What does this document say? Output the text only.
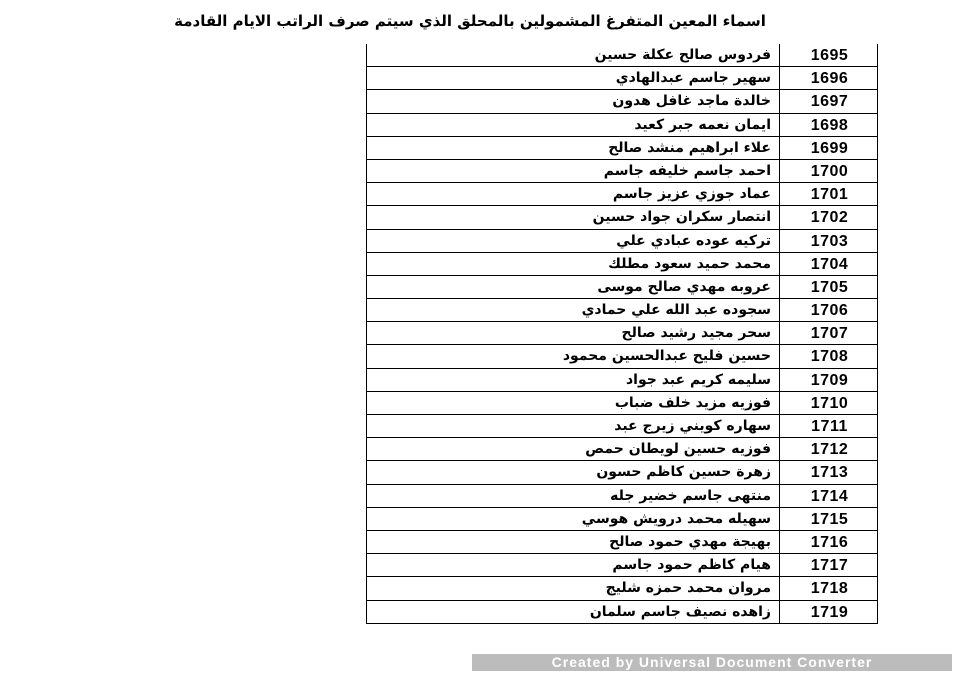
اسماء المعين المتفرغ المشمولين بالمحلق الذي سيتم صرف الراتب الايام القادمة
فردوس صالح عكلة حسين	1695
سهير جاسم عبدالهادي	1696
خالدة ماجد غافل هدون	1697
ايمان نعمه جبر كعيد	1698
علاء ابراهيم منشد صالح	1699
احمد جاسم خليفه جاسم	1700
عماد جوزي عزيز جاسم	1701
انتصار سكران جواد حسين	1702
تركيه عوده عبادي علي	1703
محمد حميد سعود مطلك	1704
عروبه مهدي صالح موسى	1705
سجوده عبد الله علي حمادي	1706
سحر مجيد رشيد صالح	1707
حسين فليح عبدالحسين محمود	1708
سليمه كريم عبد جواد	1709
فوزيه مزيد خلف ضباب	1710
سهاره كويني زيرج عبد	1711
فوزيه حسين لويطان حمص	1712
زهرة حسين كاظم حسون	1713
منتهى جاسم خضير جله	1714
سهيله محمد درويش هوسي	1715
بهيجة مهدي حمود صالح	1716
هيام كاظم حمود جاسم	1717
مروان محمد حمزه شليج	1718
زاهده نصيف جاسم سلمان	1719
Created by Universal Document Converter
